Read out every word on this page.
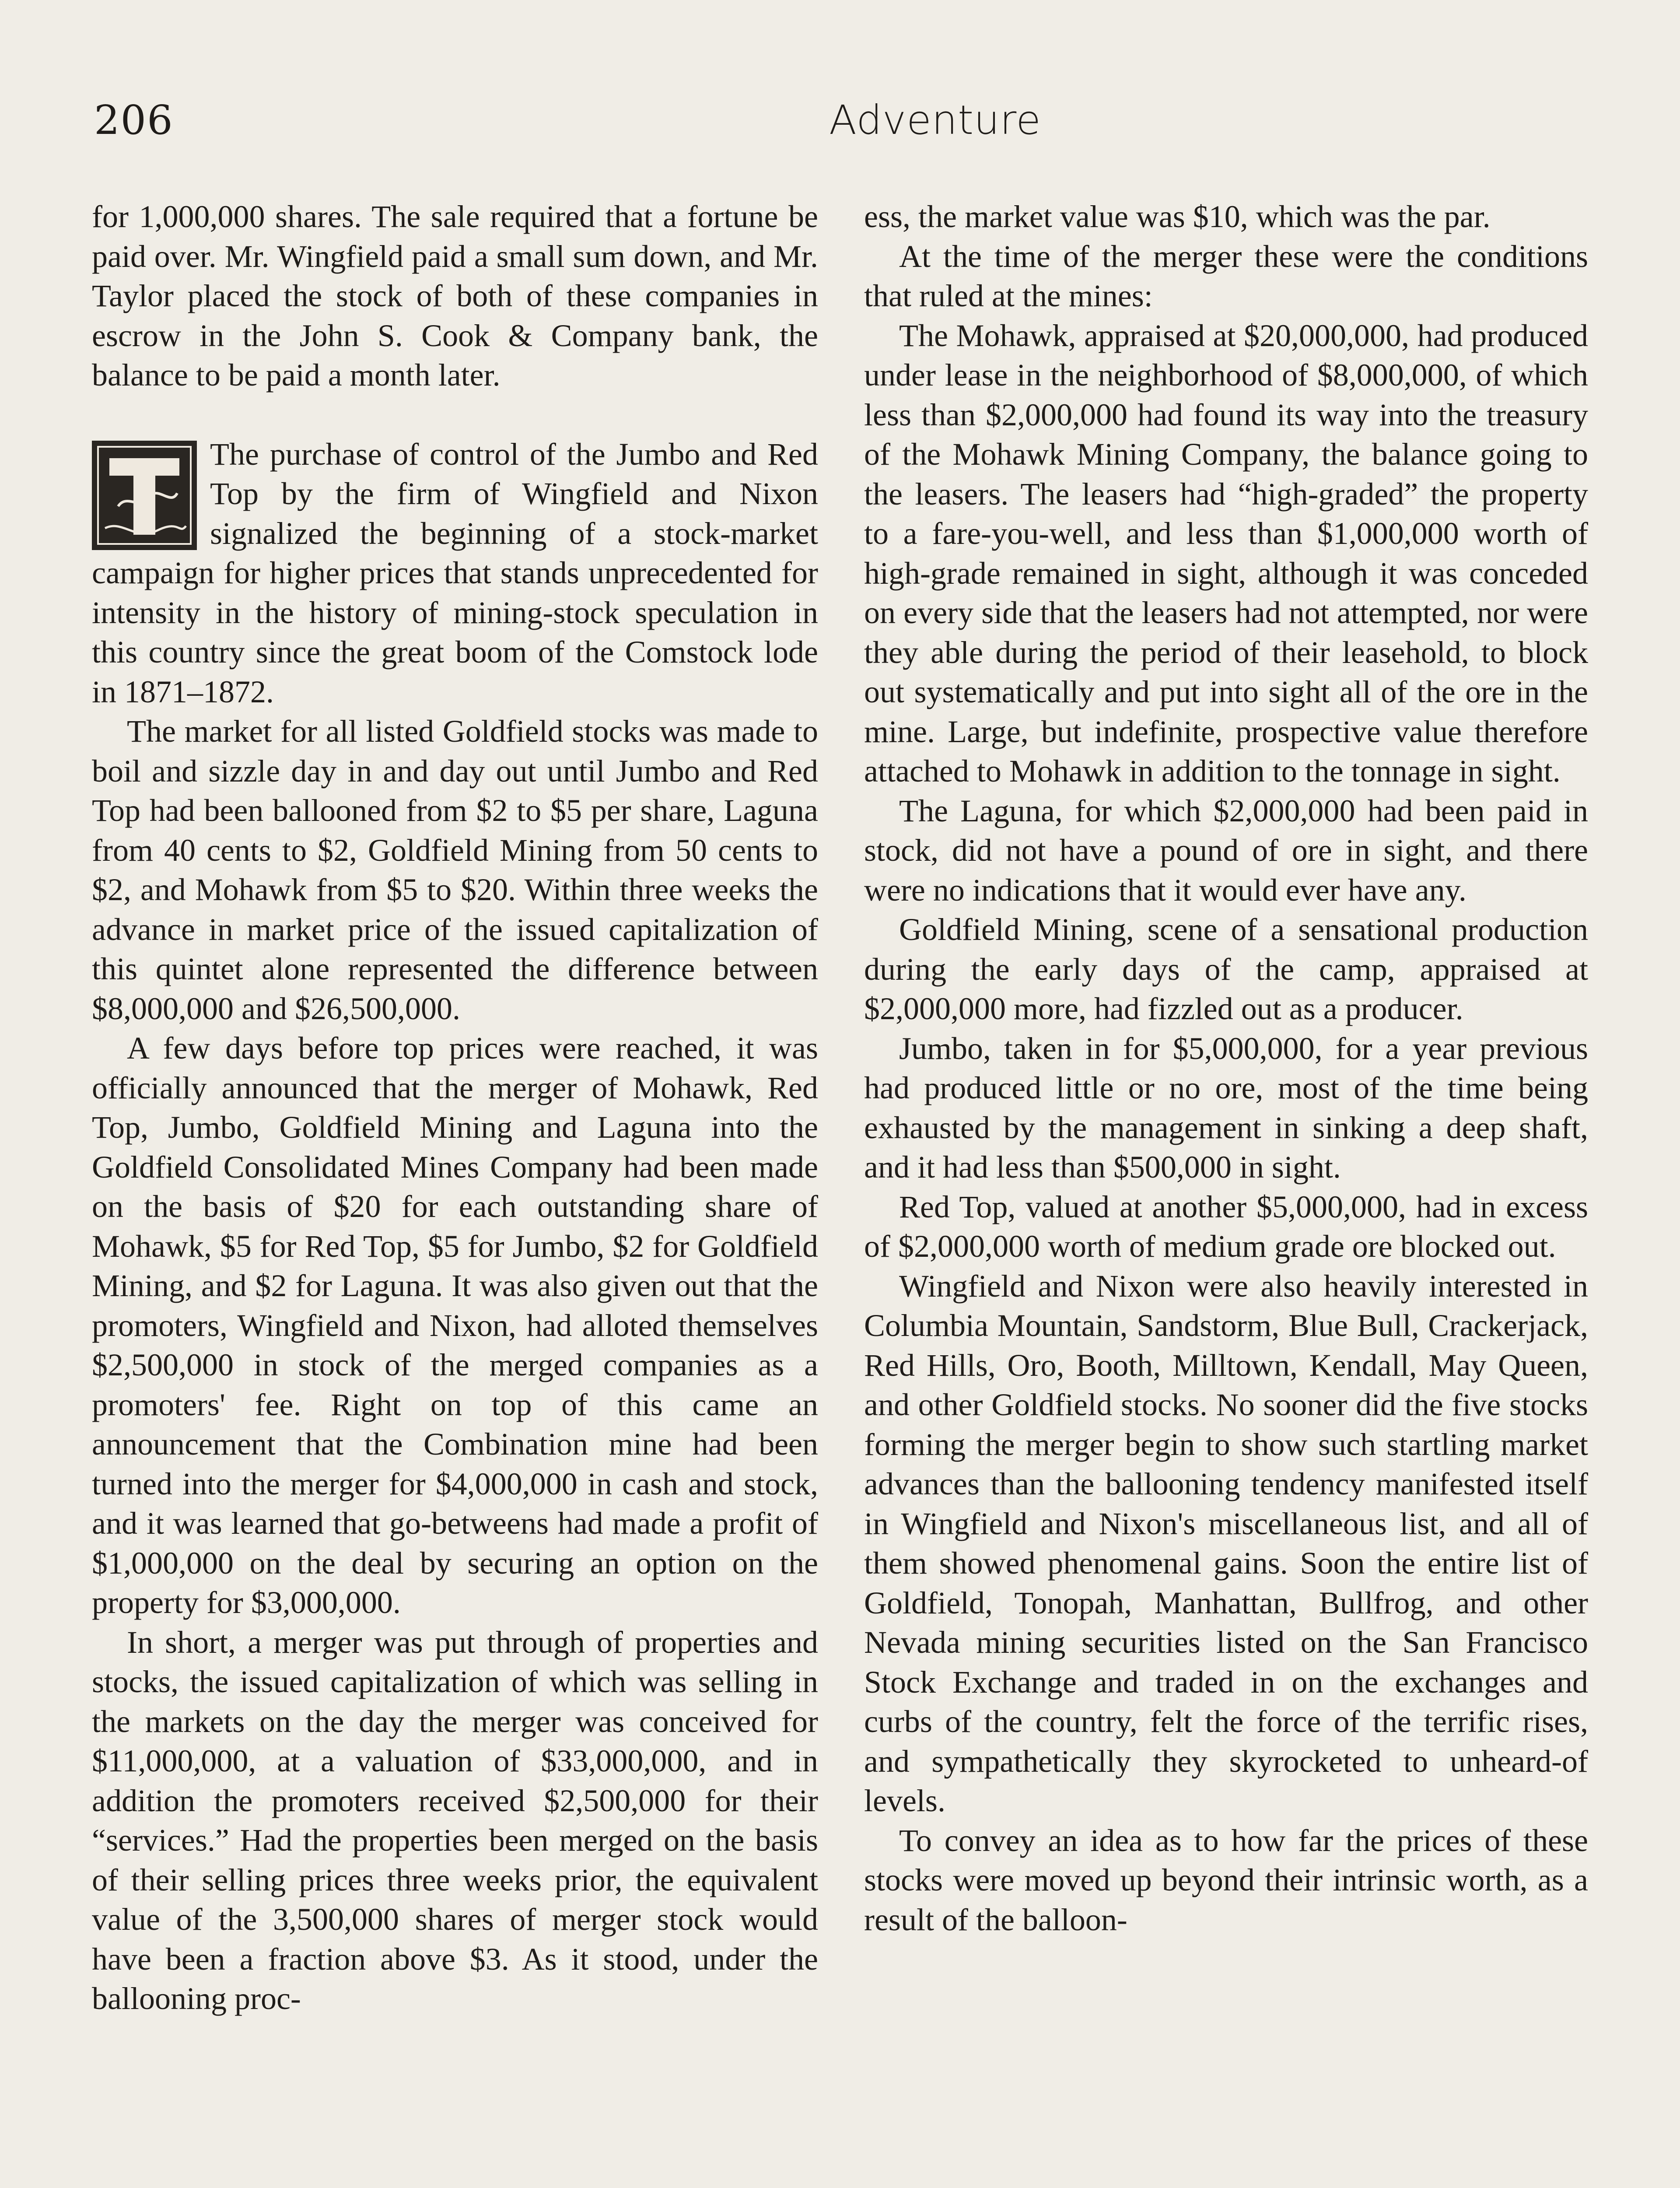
206	Adventure

for 1,000,000 shares. The sale required that a fortune be paid over. Mr. Wingfield paid a small sum down, and Mr. Taylor placed the stock of both of these companies in escrow in the John S. Cook & Company bank, the balance to be paid a month later.

The purchase of control of the Jumbo and Red Top by the firm of Wingfield and Nixon signalized the beginning of a stock-market campaign for higher prices that stands unprecedented for intensity in the history of mining-stock speculation in this country since the great boom of the Comstock lode in 1871–1872.

The market for all listed Goldfield stocks was made to boil and sizzle day in and day out until Jumbo and Red Top had been ballooned from $2 to $5 per share, Laguna from 40 cents to $2, Goldfield Mining from 50 cents to $2, and Mohawk from $5 to $20. Within three weeks the advance in market price of the issued capitalization of this quintet alone represented the difference between $8,000,000 and $26,500,000.

A few days before top prices were reached, it was officially announced that the merger of Mohawk, Red Top, Jumbo, Goldfield Mining and Laguna into the Goldfield Consolidated Mines Company had been made on the basis of $20 for each outstanding share of Mohawk, $5 for Red Top, $5 for Jumbo, $2 for Goldfield Mining, and $2 for Laguna. It was also given out that the promoters, Wingfield and Nixon, had alloted themselves $2,500,000 in stock of the merged companies as a promoters' fee. Right on top of this came an announcement that the Combination mine had been turned into the merger for $4,000,000 in cash and stock, and it was learned that go-betweens had made a profit of $1,000,000 on the deal by securing an option on the property for $3,000,000.

In short, a merger was put through of properties and stocks, the issued capitalization of which was selling in the markets on the day the merger was conceived for $11,000,000, at a valuation of $33,000,000, and in addition the promoters received $2,500,000 for their “services.” Had the properties been merged on the basis of their selling prices three weeks prior, the equivalent value of the 3,500,000 shares of merger stock would have been a fraction above $3. As it stood, under the ballooning proc-

ess, the market value was $10, which was the par.

At the time of the merger these were the conditions that ruled at the mines:

The Mohawk, appraised at $20,000,000, had produced under lease in the neighborhood of $8,000,000, of which less than $2,000,000 had found its way into the treasury of the Mohawk Mining Company, the balance going to the leasers. The leasers had “high-graded” the property to a fare-you-well, and less than $1,000,000 worth of high-grade remained in sight, although it was conceded on every side that the leasers had not attempted, nor were they able during the period of their leasehold, to block out systematically and put into sight all of the ore in the mine. Large, but indefinite, prospective value therefore attached to Mohawk in addition to the tonnage in sight.

The Laguna, for which $2,000,000 had been paid in stock, did not have a pound of ore in sight, and there were no indications that it would ever have any.

Goldfield Mining, scene of a sensational production during the early days of the camp, appraised at $2,000,000 more, had fizzled out as a producer.

Jumbo, taken in for $5,000,000, for a year previous had produced little or no ore, most of the time being exhausted by the management in sinking a deep shaft, and it had less than $500,000 in sight.

Red Top, valued at another $5,000,000, had in excess of $2,000,000 worth of medium grade ore blocked out.

Wingfield and Nixon were also heavily interested in Columbia Mountain, Sandstorm, Blue Bull, Crackerjack, Red Hills, Oro, Booth, Milltown, Kendall, May Queen, and other Goldfield stocks. No sooner did the five stocks forming the merger begin to show such startling market advances than the ballooning tendency manifested itself in Wingfield and Nixon's miscellaneous list, and all of them showed phenomenal gains. Soon the entire list of Goldfield, Tonopah, Manhattan, Bullfrog, and other Nevada mining securities listed on the San Francisco Stock Exchange and traded in on the exchanges and curbs of the country, felt the force of the terrific rises, and sympathetically they skyrocketed to unheard-of levels.

To convey an idea as to how far the prices of these stocks were moved up beyond their intrinsic worth, as a result of the balloon-
